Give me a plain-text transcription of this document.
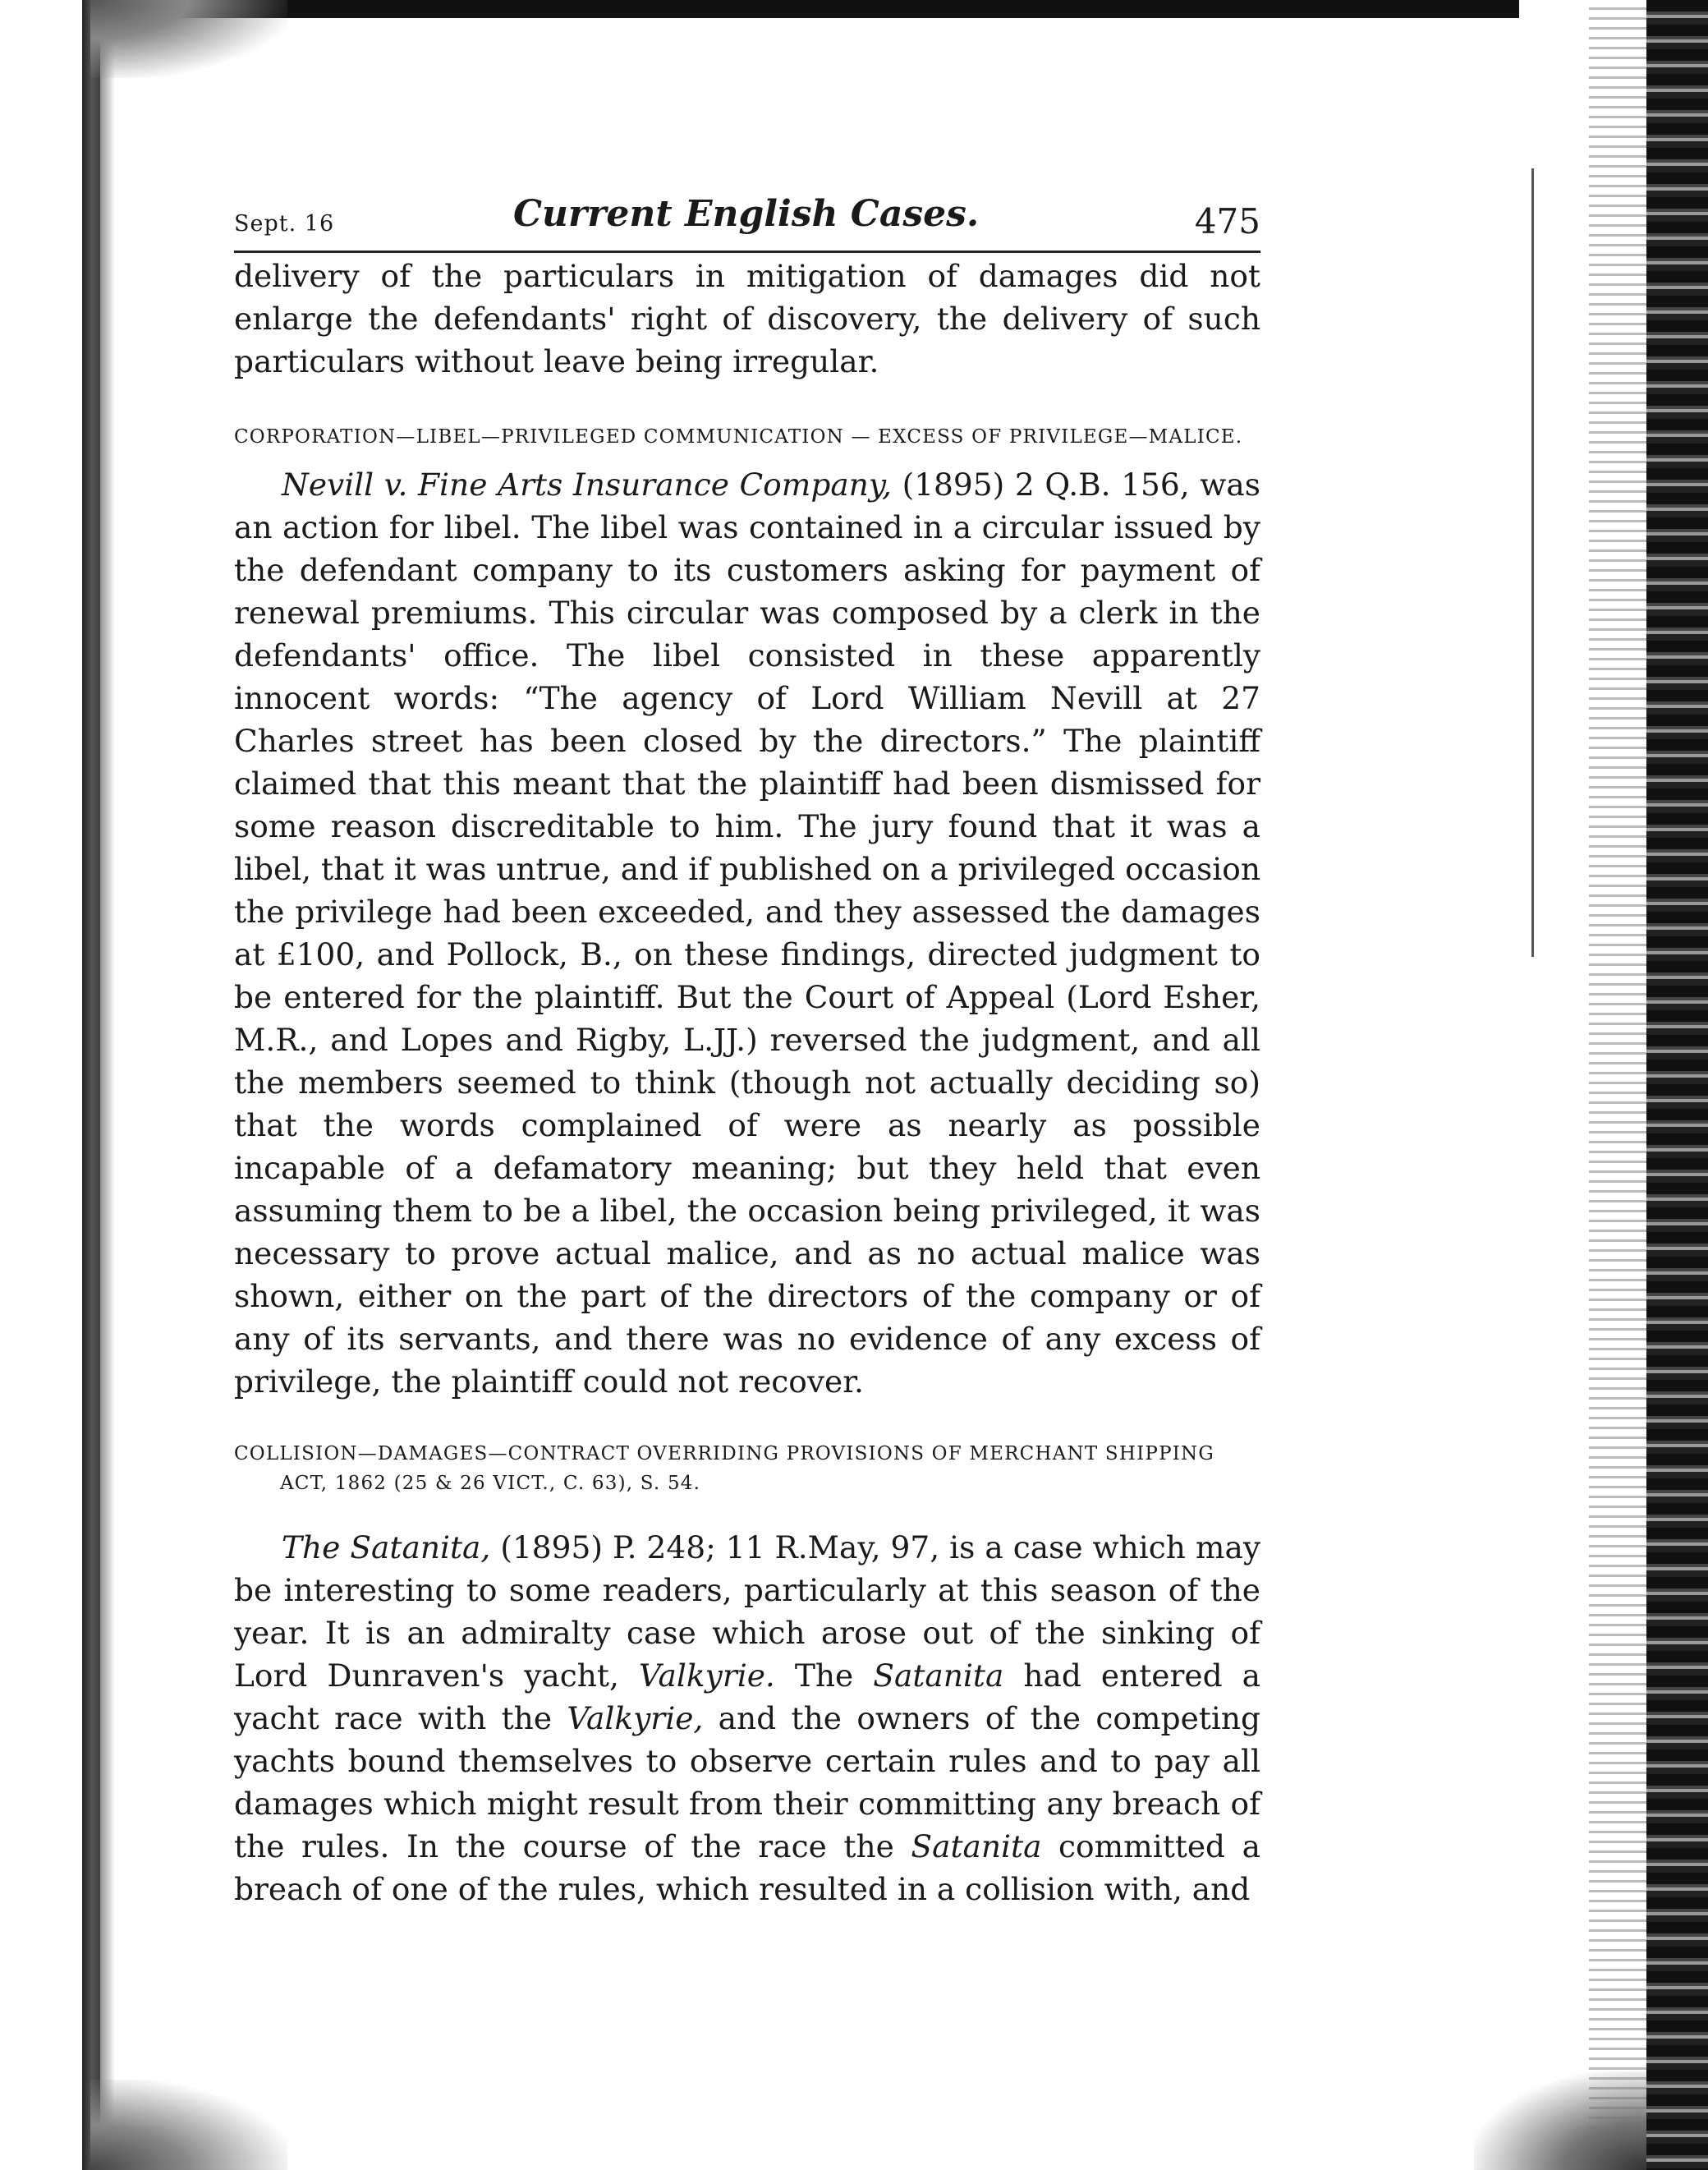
Sept. 16	Current English Cases.	475

delivery of the particulars in mitigation of damages did not enlarge the defendants' right of discovery, the delivery of such particulars without leave being irregular.

CORPORATION—LIBEL—PRIVILEGED COMMUNICATION — EXCESS OF PRIVILEGE—MALICE.

Nevill v. Fine Arts Insurance Company, (1895) 2 Q.B. 156, was an action for libel. The libel was contained in a circular issued by the defendant company to its customers asking for payment of renewal premiums. This circular was composed by a clerk in the defendants' office. The libel consisted in these apparently innocent words: “The agency of Lord William Nevill at 27 Charles street has been closed by the directors.” The plaintiff claimed that this meant that the plaintiff had been dismissed for some reason discreditable to him. The jury found that it was a libel, that it was untrue, and if published on a privileged occasion the privilege had been exceeded, and they assessed the damages at £100, and Pollock, B., on these findings, directed judgment to be entered for the plaintiff. But the Court of Appeal (Lord Esher, M.R., and Lopes and Rigby, L.JJ.) reversed the judgment, and all the members seemed to think (though not actually deciding so) that the words complained of were as nearly as possible incapable of a defamatory meaning; but they held that even assuming them to be a libel, the occasion being privileged, it was necessary to prove actual malice, and as no actual malice was shown, either on the part of the directors of the company or of any of its servants, and there was no evidence of any excess of privilege, the plaintiff could not recover.

COLLISION—DAMAGES—CONTRACT OVERRIDING PROVISIONS OF MERCHANT SHIPPING ACT, 1862 (25 & 26 VICT., C. 63), S. 54.

The Satanita, (1895) P. 248; 11 R.May, 97, is a case which may be interesting to some readers, particularly at this season of the year. It is an admiralty case which arose out of the sinking of Lord Dunraven's yacht, Valkyrie. The Satanita had entered a yacht race with the Valkyrie, and the owners of the competing yachts bound themselves to observe certain rules and to pay all damages which might result from their committing any breach of the rules. In the course of the race the Satanita committed a breach of one of the rules, which resulted in a collision with, and
